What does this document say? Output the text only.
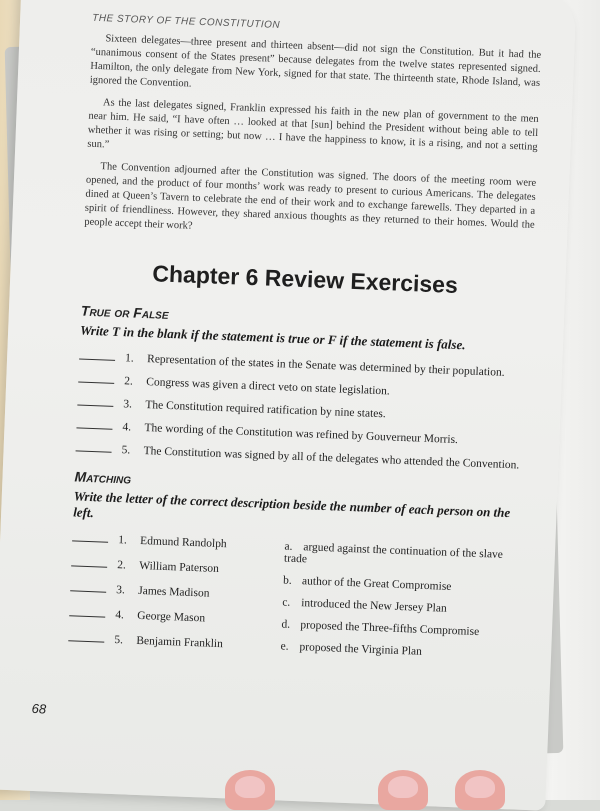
THE STORY OF THE CONSTITUTION

Sixteen delegates—three present and thirteen absent—did not sign the Constitution. But it had the “unanimous consent of the States present” because delegates from the twelve states represented signed. Hamilton, the only delegate from New York, signed for that state. The thirteenth state, Rhode Island, was ignored the Convention.

As the last delegates signed, Franklin expressed his faith in the new plan of government to the men near him. He said, “I have often … looked at that [sun] behind the President without being able to tell whether it was rising or setting; but now … I have the happiness to know, it is a rising, and not a setting sun.”

The Convention adjourned after the Constitution was signed. The doors of the meeting room were opened, and the product of four months’ work was ready to present to curious Americans. The delegates dined at Queen’s Tavern to celebrate the end of their work and to exchange farewells. They departed in a spirit of friendliness. However, they shared anxious thoughts as they returned to their homes. Would the people accept their work?

Chapter 6 Review Exercises
True or False
Write T in the blank if the statement is true or F if the statement is false.
1.	Representation of the states in the Senate was determined by their population.
2.	Congress was given a direct veto on state legislation.
3.	The Constitution required ratification by nine states.
4.	The wording of the Constitution was refined by Gouverneur Morris.
5.	The Constitution was signed by all of the delegates who attended the Convention.
Matching
Write the letter of the correct description beside the number of each person on the left.
1.	Edmund Randolph
2.	William Paterson
3.	James Madison
4.	George Mason
5.	Benjamin Franklin
a. argued against the continuation of the slave trade
b. author of the Great Compromise
c. introduced the New Jersey Plan
d. proposed the Three-fifths Compromise
e. proposed the Virginia Plan
68
